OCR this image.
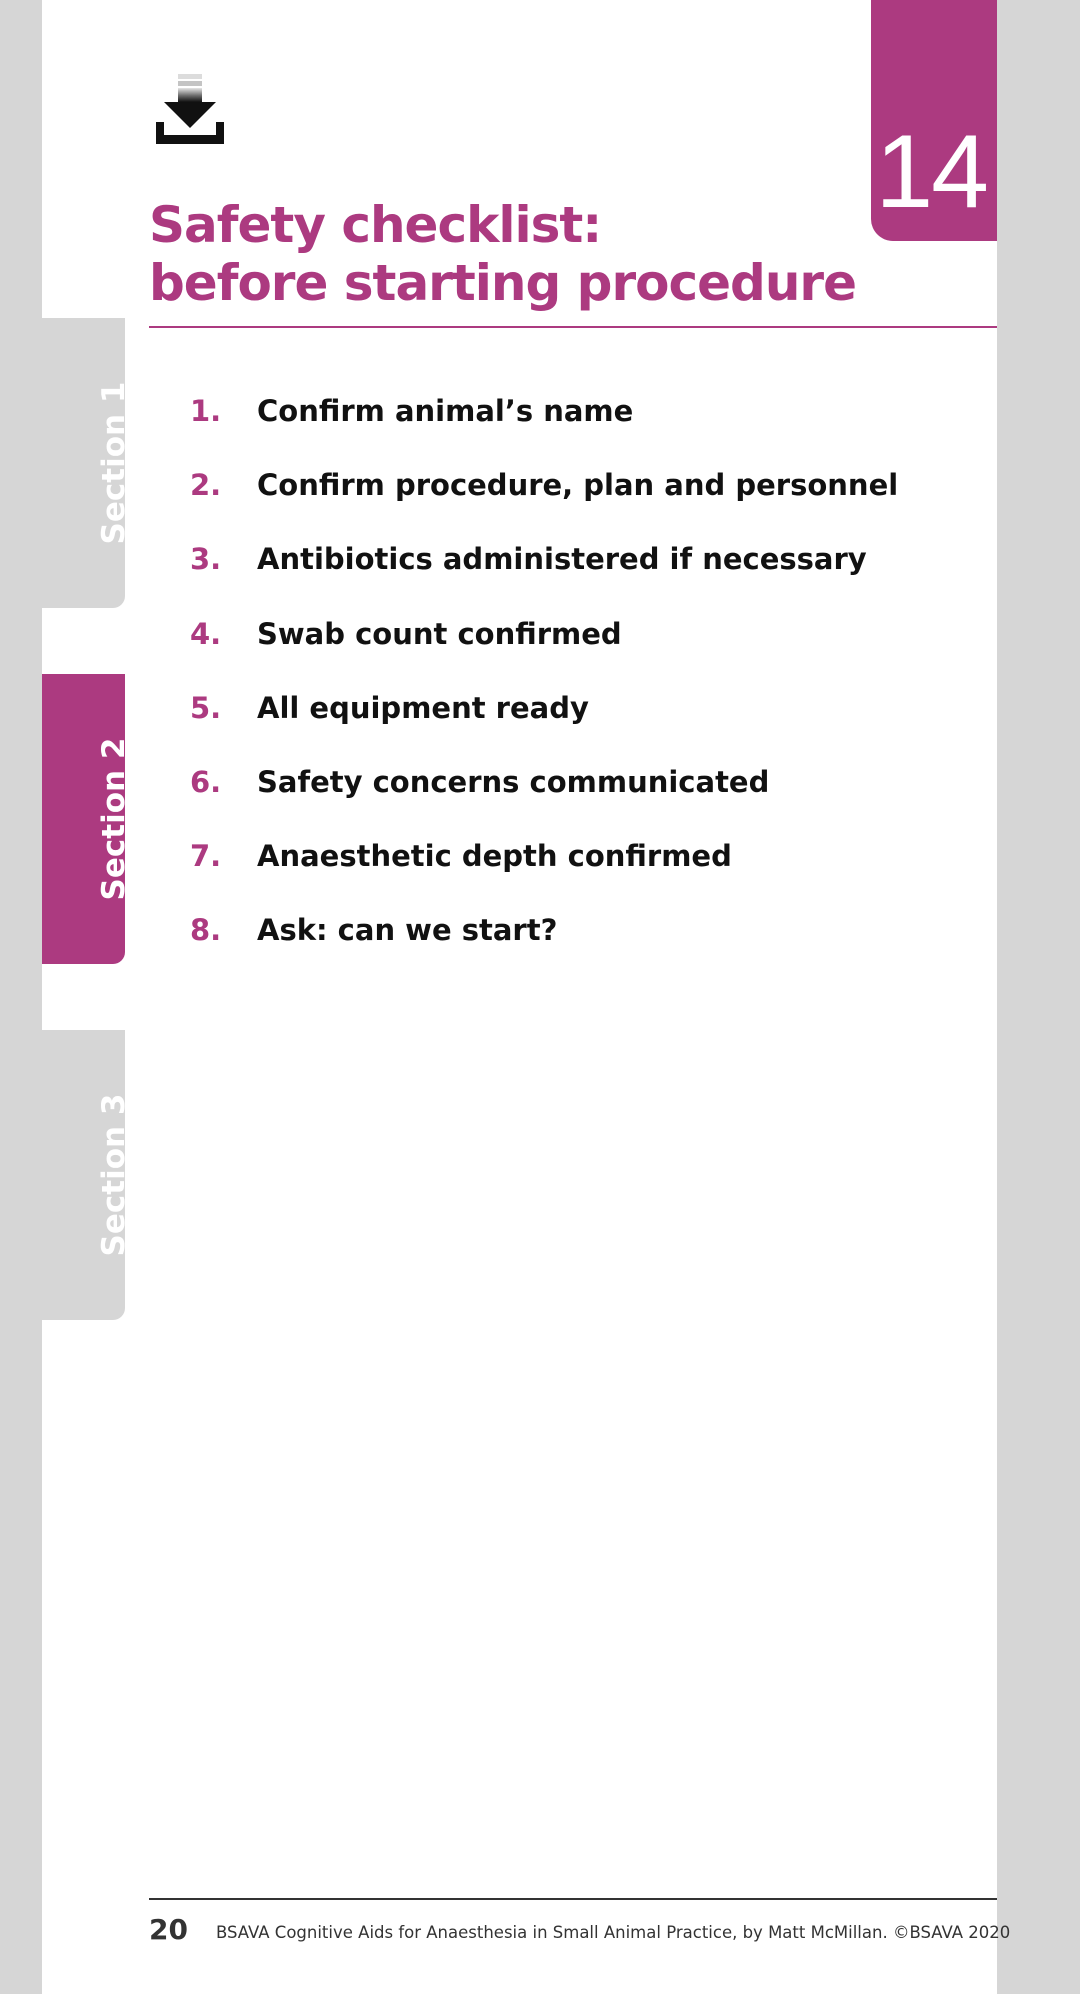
Section 1
Section 2
Section 3
14
Safety checklist:
before starting procedure
1.	Confirm animal’s name
2.	Confirm procedure, plan and personnel
3.	Antibiotics administered if necessary
4.	Swab count confirmed
5.	All equipment ready
6.	Safety concerns communicated
7.	Anaesthetic depth confirmed
8.	Ask: can we start?
20 BSAVA Cognitive Aids for Anaesthesia in Small Animal Practice, by Matt McMillan. ©BSAVA 2020
